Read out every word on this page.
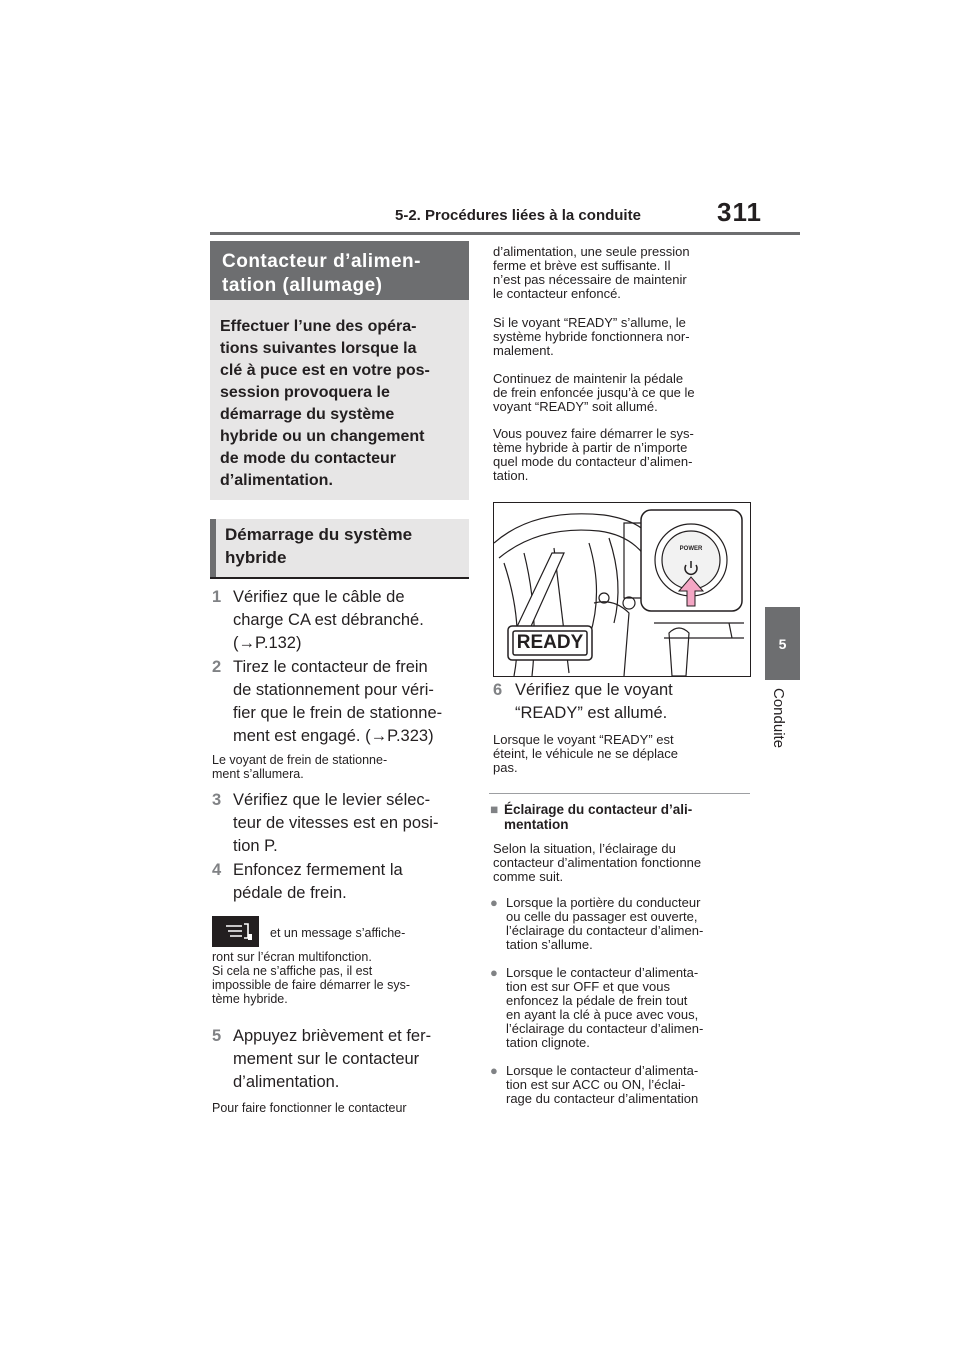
5-2. Procédures liées à la conduite	311
5
Conduite
Contacteur d’alimen-
tation (allumage)
Effectuer l’une des opéra-
tions suivantes lorsque la
clé à puce est en votre pos-
session provoquera le
démarrage du système
hybride ou un changement
de mode du contacteur
d’alimentation.
Démarrage du système
hybride
1 Vérifiez que le câble de
charge CA est débranché.
(→P.132)
2 Tirez le contacteur de frein
de stationnement pour véri-
fier que le frein de stationne-
ment est engagé. (→P.323)
Le voyant de frein de stationne-
ment s’allumera.
3 Vérifiez que le levier sélec-
teur de vitesses est en posi-
tion P.
4 Enfoncez fermement la
pédale de frein.
et un message s’affiche-
ront sur l’écran multifonction.
Si cela ne s’affiche pas, il est
impossible de faire démarrer le sys-
tème hybride.
5 Appuyez brièvement et fer-
mement sur le contacteur
d’alimentation.
Pour faire fonctionner le contacteur
d’alimentation, une seule pression
ferme et brève est suffisante. Il
n’est pas nécessaire de maintenir
le contacteur enfoncé.
Si le voyant “READY” s’allume, le
système hybride fonctionnera nor-
malement.
Continuez de maintenir la pédale
de frein enfoncée jusqu’à ce que le
voyant “READY” soit allumé.
Vous pouvez faire démarrer le sys-
tème hybride à partir de n’importe
quel mode du contacteur d’alimen-
tation.
POWER
READY
6 Vérifiez que le voyant
“READY” est allumé.
Lorsque le voyant “READY” est
éteint, le véhicule ne se déplace
pas.
■ Éclairage du contacteur d’ali-
mentation
Selon la situation, l’éclairage du
contacteur d’alimentation fonctionne
comme suit.
● Lorsque la portière du conducteur
ou celle du passager est ouverte,
l’éclairage du contacteur d’alimen-
tation s’allume.
● Lorsque le contacteur d’alimenta-
tion est sur OFF et que vous
enfoncez la pédale de frein tout
en ayant la clé à puce avec vous,
l’éclairage du contacteur d’alimen-
tation clignote.
● Lorsque le contacteur d’alimenta-
tion est sur ACC ou ON, l’éclai-
rage du contacteur d’alimentation
